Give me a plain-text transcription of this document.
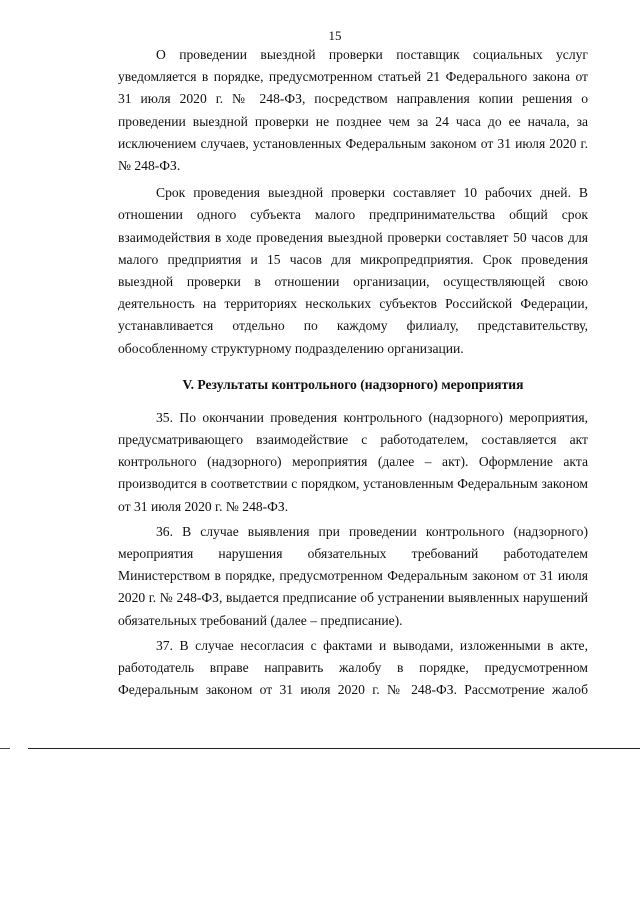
15

О проведении выездной проверки поставщик социальных услуг уведомляется в порядке, предусмотренном статьей 21 Федерального закона от 31 июля 2020 г. № 248-ФЗ, посредством направления копии решения о проведении выездной проверки не позднее чем за 24 часа до ее начала, за исключением случаев, установленных Федеральным законом от 31 июля 2020 г. № 248-ФЗ.

Срок проведения выездной проверки составляет 10 рабочих дней. В отношении одного субъекта малого предпринимательства общий срок взаимодействия в ходе проведения выездной проверки составляет 50 часов для малого предприятия и 15 часов для микропредприятия. Срок проведения выездной проверки в отношении организации, осуществляющей свою деятельность на территориях нескольких субъектов Российской Федерации, устанавливается отдельно по каждому филиалу, представительству, обособленному структурному подразделению организации.

V. Результаты контрольного (надзорного) мероприятия

35. По окончании проведения контрольного (надзорного) мероприятия, предусматривающего взаимодействие с работодателем, составляется акт контрольного (надзорного) мероприятия (далее – акт). Оформление акта производится в соответствии с порядком, установленным Федеральным законом от 31 июля 2020 г. № 248-ФЗ.

36. В случае выявления при проведении контрольного (надзорного) мероприятия нарушения обязательных требований работодателем Министерством в порядке, предусмотренном Федеральным законом от 31 июля 2020 г. № 248-ФЗ, выдается предписание об устранении выявленных нарушений обязательных требований (далее – предписание).

37. В случае несогласия с фактами и выводами, изложенными в акте, работодатель вправе направить жалобу в порядке, предусмотренном Федеральным законом от 31 июля 2020 г. № 248-ФЗ. Рассмотрение жалоб
